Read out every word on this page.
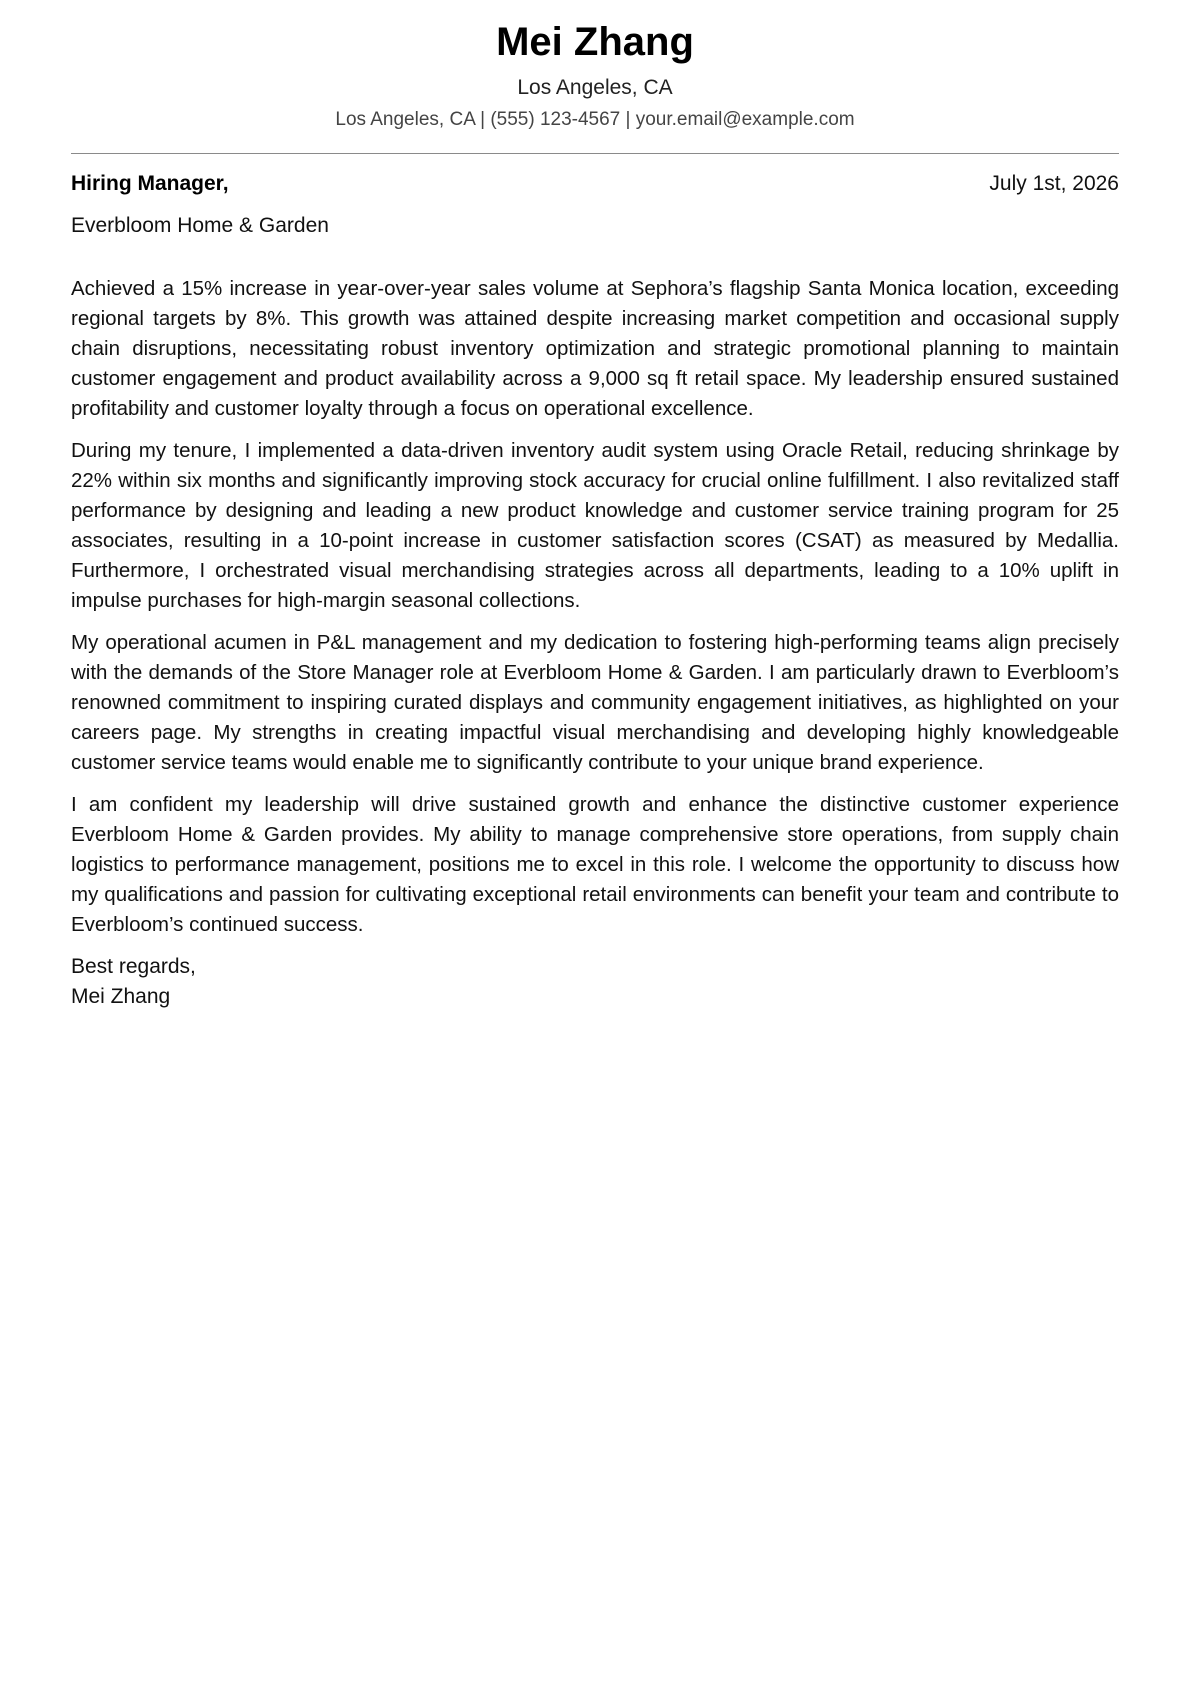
Mei Zhang
Los Angeles, CA
Los Angeles, CA | (555) 123-4567 | your.email@example.com
Hiring Manager,	July 1st, 2026
Everbloom Home & Garden

Achieved a 15% increase in year-over-year sales volume at Sephora’s flagship Santa Monica location, exceeding regional targets by 8%. This growth was attained despite increasing market competition and occasional supply chain disruptions, necessitating robust inventory optimization and strategic promotional planning to maintain customer engagement and product availability across a 9,000 sq ft retail space. My leadership ensured sustained profitability and customer loyalty through a focus on operational excellence.

During my tenure, I implemented a data-driven inventory audit system using Oracle Retail, reducing shrinkage by 22% within six months and significantly improving stock accuracy for crucial online fulfillment. I also revitalized staff performance by designing and leading a new product knowledge and customer service training program for 25 associates, resulting in a 10-point increase in customer satisfaction scores (CSAT) as measured by Medallia. Furthermore, I orchestrated visual merchandising strategies across all departments, leading to a 10% uplift in impulse purchases for high-margin seasonal collections.

My operational acumen in P&L management and my dedication to fostering high-performing teams align precisely with the demands of the Store Manager role at Everbloom Home & Garden. I am particularly drawn to Everbloom’s renowned commitment to inspiring curated displays and community engagement initiatives, as highlighted on your careers page. My strengths in creating impactful visual merchandising and developing highly knowledgeable customer service teams would enable me to significantly contribute to your unique brand experience.

I am confident my leadership will drive sustained growth and enhance the distinctive customer experience Everbloom Home & Garden provides. My ability to manage comprehensive store operations, from supply chain logistics to performance management, positions me to excel in this role. I welcome the opportunity to discuss how my qualifications and passion for cultivating exceptional retail environments can benefit your team and contribute to Everbloom’s continued success.

Best regards,
Mei Zhang
